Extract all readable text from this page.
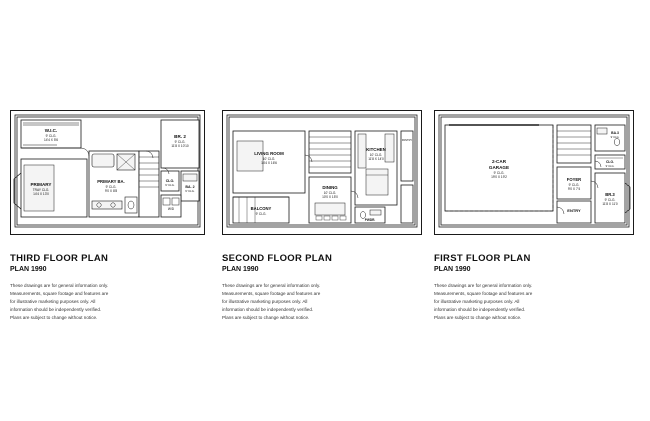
W.I.C.
9' CLG.
14'4 X 5'6
PRIMARY
TRAY CLG.
14'4 X 13'0
PRIMARY BA.
9' CLG.
9'0 X 8'8
BR. 2
9' CLG.
11'8 X 10'10
CLO.
9' CLG.	BA. 2
9' CLG.
W/D
THIRD FLOOR PLAN
PLAN 1990
These drawings are for general information only.
Measurements, square footage and features are
for illustrative marketing purposes only. All
information should be independently verified.
Plans are subject to change without notice.
LIVING ROOM
10' CLG.
14'4 X 16'6
BALCONY
9' CLG.
KITCHEN
10' CLG.
11'8 X 14'0
DINING
10' CLG.
10'0 X 15'0
PWDR.
PANTRY
SECOND FLOOR PLAN
PLAN 1990
These drawings are for general information only.
Measurements, square footage and features are
for illustrative marketing purposes only. All
information should be independently verified.
Plans are subject to change without notice.
2-CAR
GARAGE
9' CLG.
19'0 X 19'2	FOYER
9' CLG.
9'0 X 7'4
ENTRY
BR.3
9' CLG.
11'8 X 11'0
BA.3
9' CLG.
CLO.
9' CLG.
FIRST FLOOR PLAN
PLAN 1990
These drawings are for general information only.
Measurements, square footage and features are
for illustrative marketing purposes only. All
information should be independently verified.
Plans are subject to change without notice.
